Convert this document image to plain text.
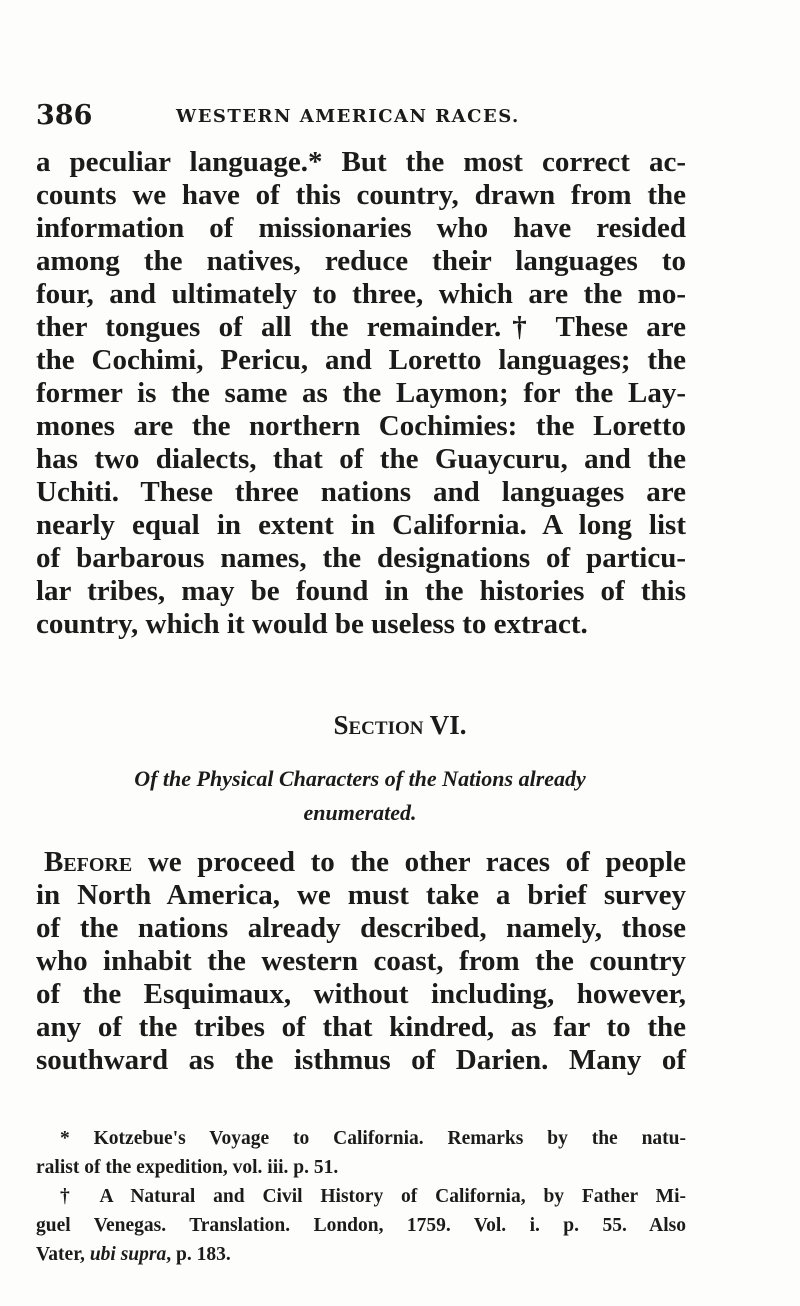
386	WESTERN AMERICAN RACES.
a peculiar language.* But the most correct ac-
counts we have of this country, drawn from the
information of missionaries who have resided
among the natives, reduce their languages to
four, and ultimately to three, which are the mo-
ther tongues of all the remainder.† These are
the Cochimi, Pericu, and Loretto languages; the
former is the same as the Laymon; for the Lay-
mones are the northern Cochimies: the Loretto
has two dialects, that of the Guaycuru, and the
Uchiti. These three nations and languages are
nearly equal in extent in California. A long list
of barbarous names, the designations of particu-
lar tribes, may be found in the histories of this
country, which it would be useless to extract.
Section VI.
Of the Physical Characters of the Nations already
enumerated.
Before we proceed to the other races of people
in North America, we must take a brief survey
of the nations already described, namely, those
who inhabit the western coast, from the country
of the Esquimaux, without including, however,
any of the tribes of that kindred, as far to the
southward as the isthmus of Darien. Many of
* Kotzebue's Voyage to California. Remarks by the natu-
ralist of the expedition, vol. iii. p. 51.
† A Natural and Civil History of California, by Father Mi-
guel Venegas. Translation. London, 1759. Vol. i. p. 55. Also
Vater, ubi supra, p. 183.
